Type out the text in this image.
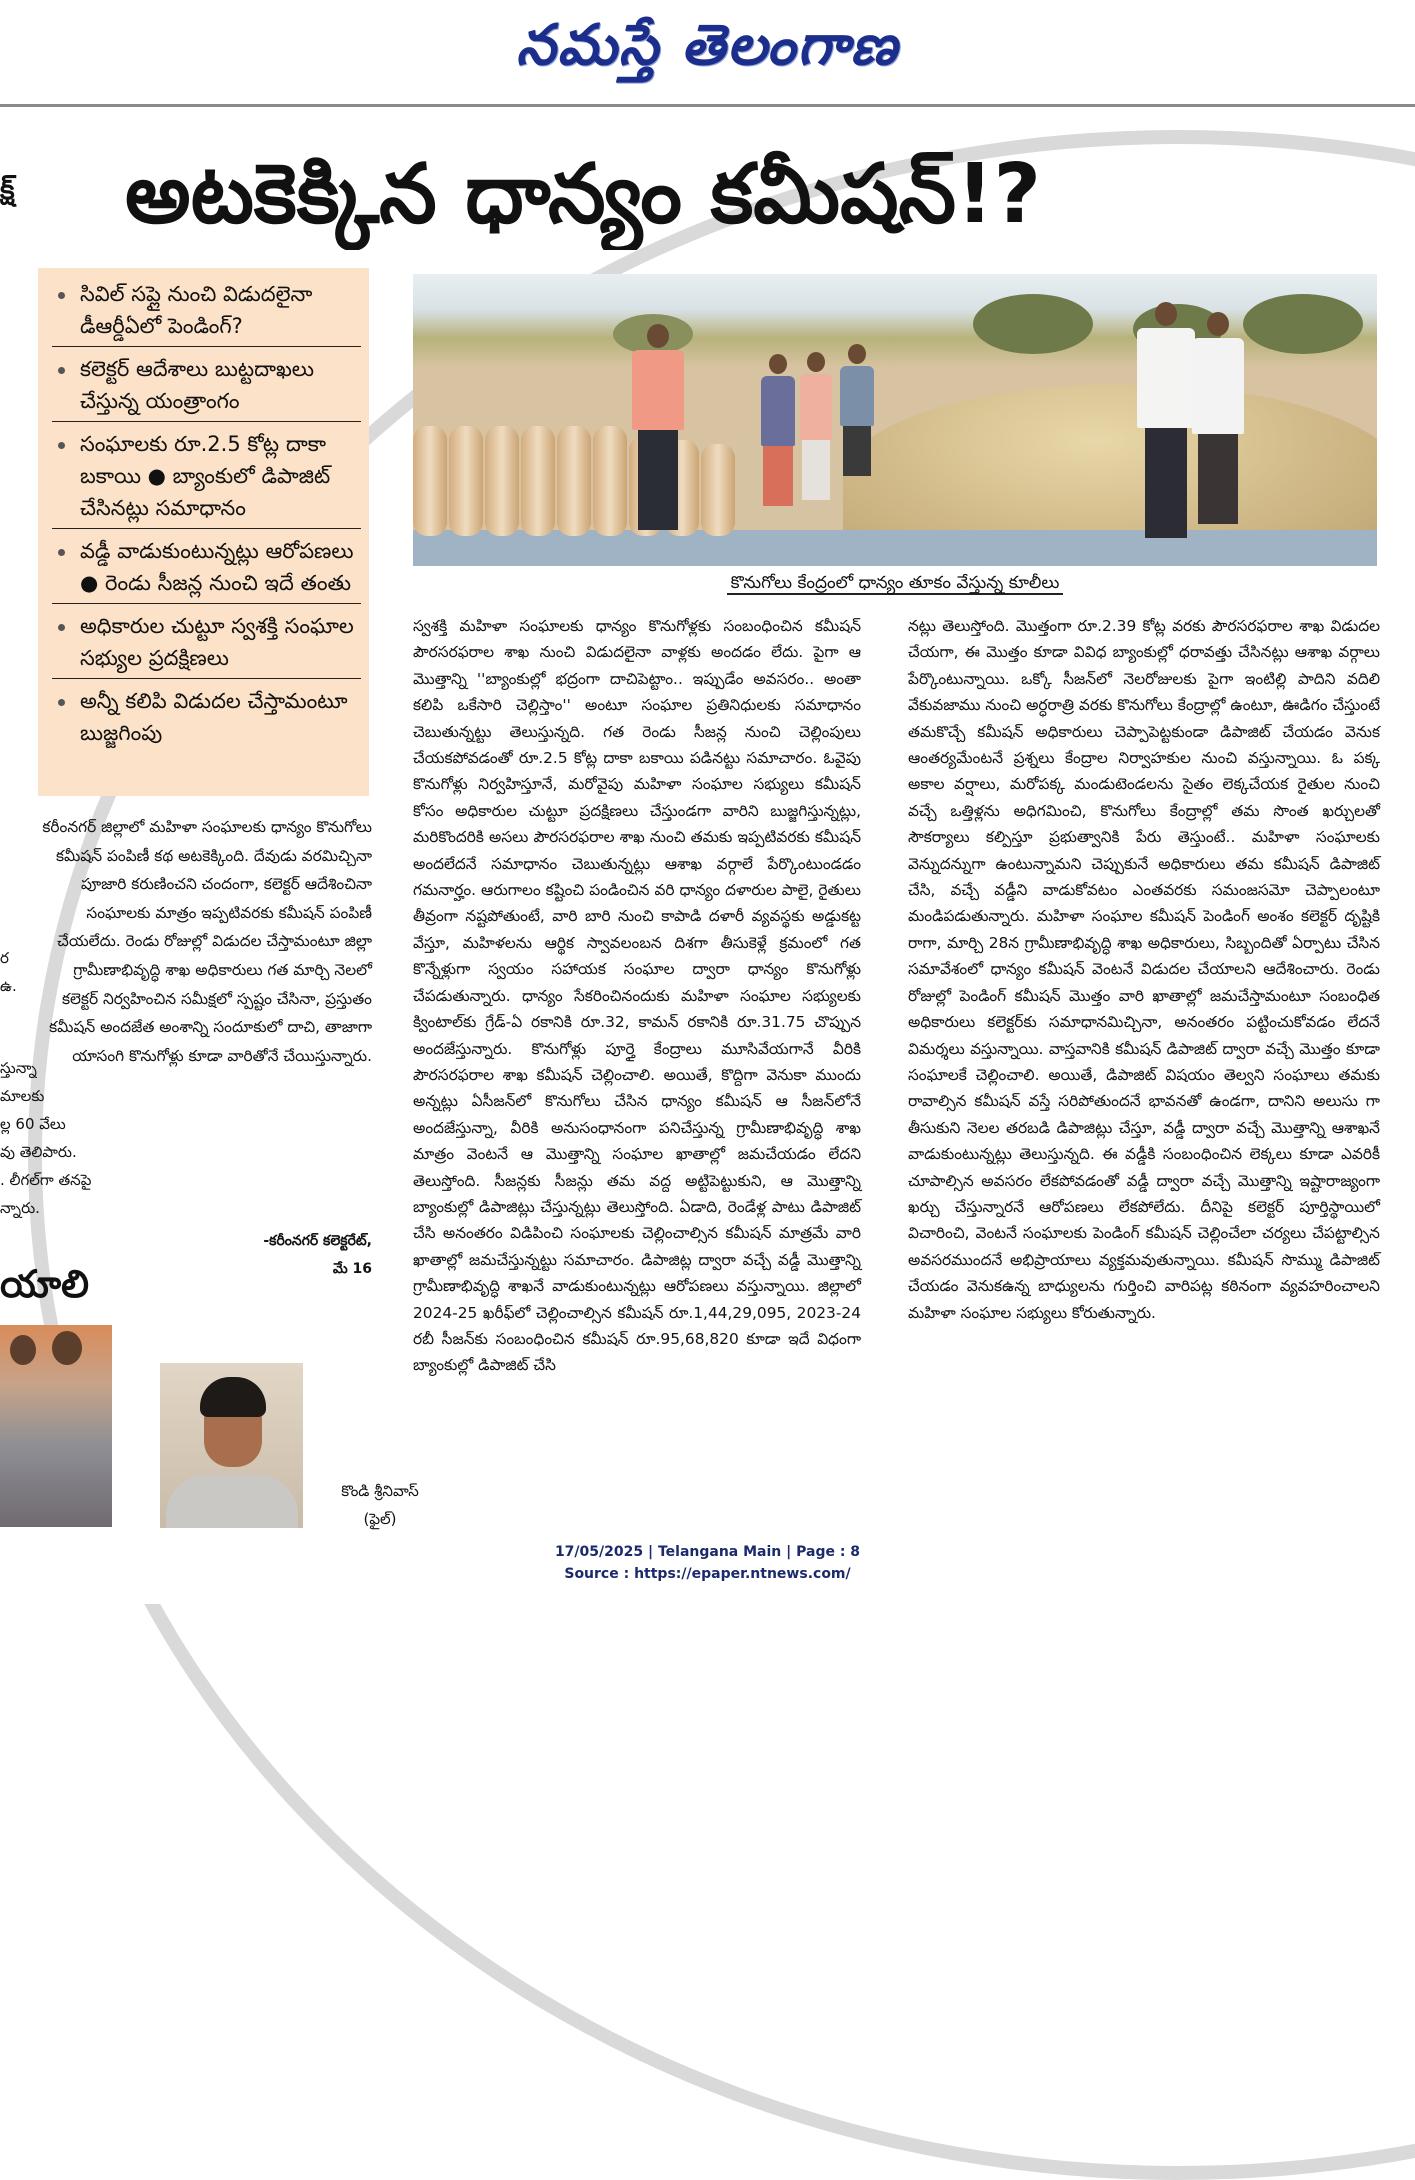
నమస్తే తెలంగాణ
అటకెక్కిన ధాన్యం కమీషన్!?
క్ష్
సివిల్ సప్లై నుంచి విడుదలైనా డీఆర్డీఏలో పెండింగ్?
కలెక్టర్ ఆదేశాలు బుట్టదాఖలు చేస్తున్న యంత్రాంగం
సంఘాలకు రూ.2.5 కోట్ల దాకా బకాయి ● బ్యాంకులో డిపాజిట్ చేసినట్లు సమాధానం
వడ్డీ వాడుకుంటున్నట్లు ఆరోపణలు ● రెండు సీజన్ల నుంచి ఇదే తంతు
అధికారుల చుట్టూ స్వశక్తి సంఘాల సభ్యుల ప్రదక్షిణలు
అన్నీ కలిపి విడుదల చేస్తామంటూ బుజ్జగింపు
కొనుగోలు కేంద్రంలో ధాన్యం తూకం వేస్తున్న కూలీలు
కరీంనగర్ జిల్లాలో మహిళా సంఘాలకు ధాన్యం కొనుగోలు కమీషన్ పంపిణీ కథ అటకెక్కింది. దేవుడు వరమిచ్చినా పూజారి కరుణించని చందంగా, కలెక్టర్ ఆదేశించినా సంఘాలకు మాత్రం ఇప్పటివరకు కమీషన్ పంపిణీ చేయలేదు. రెండు రోజుల్లో విడుదల చేస్తామంటూ జిల్లా గ్రామీణాభివృద్ధి శాఖ అధికారులు గత మార్చి నెలలో కలెక్టర్ నిర్వహించిన సమీక్షలో స్పష్టం చేసినా, ప్రస్తుతం కమీషన్ అందజేత అంశాన్ని సందూకులో దాచి, తాజాగా యాసంగి కొనుగోళ్లు కూడా వారితోనే చేయిస్తున్నారు.
-కరీంనగర్ కలెక్టరేట్,
మే 16

స్వశక్తి మహిళా సంఘాలకు ధాన్యం కొనుగోళ్లకు సంబంధించిన కమీషన్ పౌరసరఫరాల శాఖ నుంచి విడుదలైనా వాళ్లకు అందడం లేదు. పైగా ఆ మొత్తాన్ని ''బ్యాంకుల్లో భద్రంగా దాచిపెట్టాం.. ఇప్పుడేం అవసరం.. అంతా కలిపి ఒకేసారి చెల్లిస్తాం'' అంటూ సంఘాల ప్రతినిధులకు సమాధానం చెబుతున్నట్టు తెలుస్తున్నది. గత రెండు సీజన్ల నుంచి చెల్లింపులు చేయకపోవడంతో రూ.2.5 కోట్ల దాకా బకాయి పడినట్టు సమాచారం. ఓవైపు కొనుగోళ్లు నిర్వహిస్తూనే, మరోవైపు మహిళా సంఘాల సభ్యులు కమీషన్ కోసం అధికారుల చుట్టూ ప్రదక్షిణలు చేస్తుండగా వారిని బుజ్జగిస్తున్నట్లు, మరికొందరికి అసలు పౌరసరఫరాల శాఖ నుంచి తమకు ఇప్పటివరకు కమీషన్ అందలేదనే సమాధానం చెబుతున్నట్లు ఆశాఖ వర్గాలే పేర్కొంటుండడం గమనార్హం. ఆరుగాలం కష్టించి పండించిన వరి ధాన్యం దళారుల పాలై, రైతులు తీవ్రంగా నష్టపోతుంటే, వారి బారి నుంచి కాపాడి దళారీ వ్యవస్థకు అడ్డుకట్ట వేస్తూ, మహిళలను ఆర్థిక స్వావలంబన దిశగా తీసుకెళ్లే క్రమంలో గత కొన్నేళ్లుగా స్వయం సహాయక సంఘాల ద్వారా ధాన్యం కొనుగోళ్లు చేపడుతున్నారు. ధాన్యం సేకరించినందుకు మహిళా సంఘాల సభ్యులకు క్వింటాల్‌కు గ్రేడ్-ఏ రకానికి రూ.32, కామన్ రకానికి రూ.31.75 చొప్పున అందజేస్తున్నారు. కొనుగోళ్లు పూర్తై కేంద్రాలు మూసివేయగానే వీరికి పౌరసరఫరాల శాఖ కమీషన్ చెల్లించాలి. అయితే, కొద్దిగా వెనుకా ముందు అన్నట్లు ఏసీజన్‌లో కొనుగోలు చేసిన ధాన్యం కమీషన్ ఆ సీజన్‌లోనే అందజేస్తున్నా, వీరికి అనుసంధానంగా పనిచేస్తున్న గ్రామీణాభివృద్ధి శాఖ మాత్రం వెంటనే ఆ మొత్తాన్ని సంఘాల ఖాతాల్లో జమచేయడం లేదని తెలుస్తోంది. సీజన్లకు సీజన్లు తమ వద్ద అట్టిపెట్టుకుని, ఆ మొత్తాన్ని బ్యాంకుల్లో డిపాజిట్లు చేస్తున్నట్లు తెలుస్తోంది. ఏడాది, రెండేళ్ల పాటు డిపాజిట్ చేసి అనంతరం విడిపించి సంఘాలకు చెల్లించాల్సిన కమీషన్ మాత్రమే వారి ఖాతాల్లో జమచేస్తున్నట్టు సమాచారం. డిపాజిట్ల ద్వారా వచ్చే వడ్డీ మొత్తాన్ని గ్రామీణాభివృద్ధి శాఖనే వాడుకుంటున్నట్లు ఆరోపణలు వస్తున్నాయి. జిల్లాలో 2024-25 ఖరీఫ్‌లో చెల్లించాల్సిన కమీషన్ రూ.1,44,29,095, 2023-24 రబీ సీజన్‌కు సంబంధించిన కమీషన్ రూ.95,68,820 కూడా ఇదే విధంగా బ్యాంకుల్లో డిపాజిట్ చేసి

నట్లు తెలుస్తోంది. మొత్తంగా రూ.2.39 కోట్ల వరకు పౌరసరఫరాల శాఖ విడుదల చేయగా, ఈ మొత్తం కూడా వివిధ బ్యాంకుల్లో ధరావత్తు చేసినట్లు ఆశాఖ వర్గాలు పేర్కొంటున్నాయి. ఒక్కో సీజన్‌లో నెలరోజులకు పైగా ఇంటిల్లి పాదిని వదిలి వేకువజాము నుంచి అర్ధరాత్రి వరకు కొనుగోలు కేంద్రాల్లో ఉంటూ, ఊడిగం చేస్తుంటే తమకొచ్చే కమీషన్ అధికారులు చెప్పాపెట్టకుండా డిపాజిట్ చేయడం వెనుక ఆంతర్యమేంటనే ప్రశ్నలు కేంద్రాల నిర్వాహకుల నుంచి వస్తున్నాయి. ఓ పక్క అకాల వర్షాలు, మరోపక్క మండుటెండలను సైతం లెక్కచేయక రైతుల నుంచి వచ్చే ఒత్తిళ్లను అధిగమించి, కొనుగోలు కేంద్రాల్లో తమ సొంత ఖర్చులతో సౌకర్యాలు కల్పిస్తూ ప్రభుత్వానికి పేరు తెస్తుంటే.. మహిళా సంఘాలకు వెన్నుదన్నుగా ఉంటున్నామని చెప్పుకునే అధికారులు తమ కమీషన్ డిపాజిట్ చేసి, వచ్చే వడ్డీని వాడుకోవటం ఎంతవరకు సమంజసమో చెప్పాలంటూ మండిపడుతున్నారు. మహిళా సంఘాల కమీషన్ పెండింగ్ అంశం కలెక్టర్ దృష్టికి రాగా, మార్చి 28న గ్రామీణాభివృద్ధి శాఖ అధికారులు, సిబ్బందితో ఏర్పాటు చేసిన సమావేశంలో ధాన్యం కమీషన్ వెంటనే విడుదల చేయాలని ఆదేశించారు. రెండు రోజుల్లో పెండింగ్ కమీషన్ మొత్తం వారి ఖాతాల్లో జమచేస్తామంటూ సంబంధిత అధికారులు కలెక్టర్‌కు సమాధానమిచ్చినా, అనంతరం పట్టించుకోవడం లేదనే విమర్శలు వస్తున్నాయి. వాస్తవానికి కమీషన్ డిపాజిట్ ద్వారా వచ్చే మొత్తం కూడా సంఘాలకే చెల్లించాలి. అయితే, డిపాజిట్ విషయం తెల్వని సంఘాలు తమకు రావాల్సిన కమీషన్ వస్తే సరిపోతుందనే భావనతో ఉండగా, దానిని అలుసు గా తీసుకుని నెలల తరబడి డిపాజిట్లు చేస్తూ, వడ్డీ ద్వారా వచ్చే మొత్తాన్ని ఆశాఖనే వాడుకుంటున్నట్లు తెలుస్తున్నది. ఈ వడ్డీకి సంబంధించిన లెక్కలు కూడా ఎవరికీ చూపాల్సిన అవసరం లేకపోవడంతో వడ్డీ ద్వారా వచ్చే మొత్తాన్ని ఇష్టారాజ్యంగా ఖర్చు చేస్తున్నారనే ఆరోపణలు లేకపోలేదు. దీనిపై కలెక్టర్ పూర్తిస్థాయిలో విచారించి, వెంటనే సంఘాలకు పెండింగ్ కమీషన్ చెల్లించేలా చర్యలు చేపట్టాల్సిన అవసరముందనే అభిప్రాయాలు వ్యక్తమవుతున్నాయి. కమీషన్ సొమ్ము డిపాజిట్ చేయడం వెనుకఉన్న బాధ్యులను గుర్తించి వారిపట్ల కఠినంగా వ్యవహరించాలని మహిళా సంఘాల సభ్యులు కోరుతున్నారు.

ర
ఉ.
స్తున్నా
మాలకు
ల్ల 60 వేలు
వు తెలిపారు.
. లీగల్‌గా తనపై
న్నారు.
యాలి
కొండి శ్రీనివాస్
(ఫైల్)
17/05/2025 | Telangana Main | Page : 8
Source : https://epaper.ntnews.com/
